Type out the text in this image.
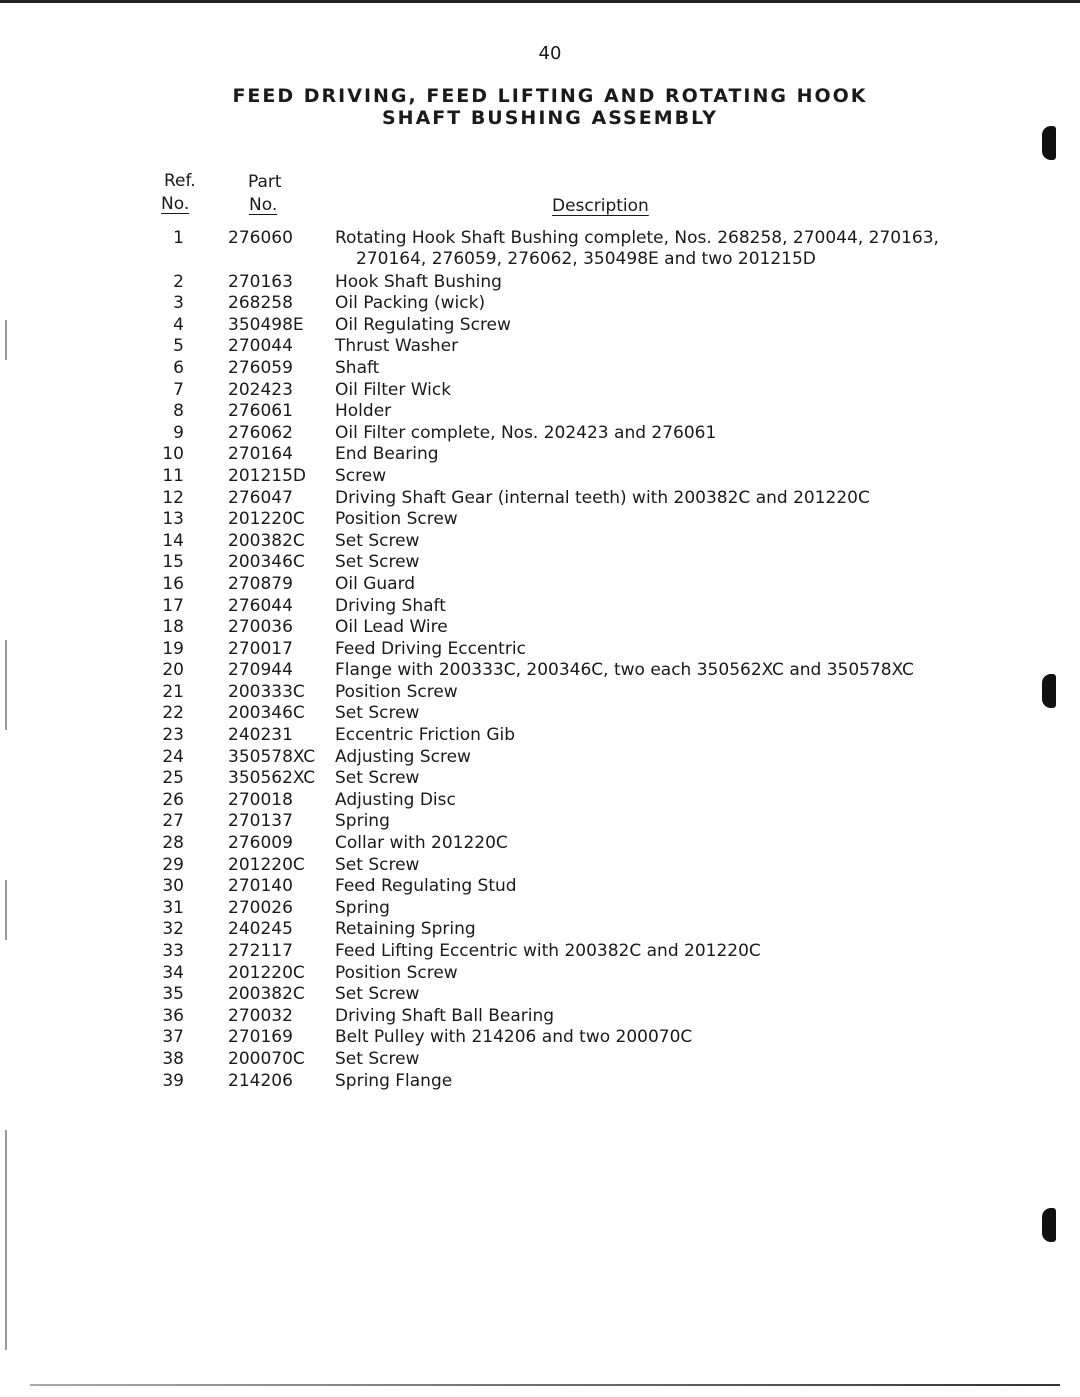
40
FEED DRIVING, FEED LIFTING AND ROTATING HOOK
SHAFT BUSHING ASSEMBLY
Ref.
No.
Part
No.	Description
1	276060 Rotating Hook Shaft Bushing complete, Nos. 268258, 270044, 270163,
270164, 276059, 276062, 350498E and two 201215D
2	270163 Hook Shaft Bushing
3	268258 Oil Packing (wick)
4	350498E Oil Regulating Screw
5	270044 Thrust Washer
6	276059 Shaft
7	202423 Oil Filter Wick
8	276061 Holder
9	276062 Oil Filter complete, Nos. 202423 and 276061
10	270164 End Bearing
11	201215D Screw
12	276047 Driving Shaft Gear (internal teeth) with 200382C and 201220C
13	201220C Position Screw
14	200382C Set Screw
15	200346C Set Screw
16	270879 Oil Guard
17	276044 Driving Shaft
18	270036 Oil Lead Wire
19	270017 Feed Driving Eccentric
20	270944 Flange with 200333C, 200346C, two each 350562XC and 350578XC
21	200333C Position Screw
22	200346C Set Screw
23	240231 Eccentric Friction Gib
24	350578XC Adjusting Screw
25	350562XC Set Screw
26	270018 Adjusting Disc
27	270137 Spring
28	276009 Collar with 201220C
29	201220C Set Screw
30	270140 Feed Regulating Stud
31	270026 Spring
32	240245 Retaining Spring
33	272117 Feed Lifting Eccentric with 200382C and 201220C
34	201220C Position Screw
35	200382C Set Screw
36	270032 Driving Shaft Ball Bearing
37	270169 Belt Pulley with 214206 and two 200070C
38	200070C Set Screw
39	214206 Spring Flange
